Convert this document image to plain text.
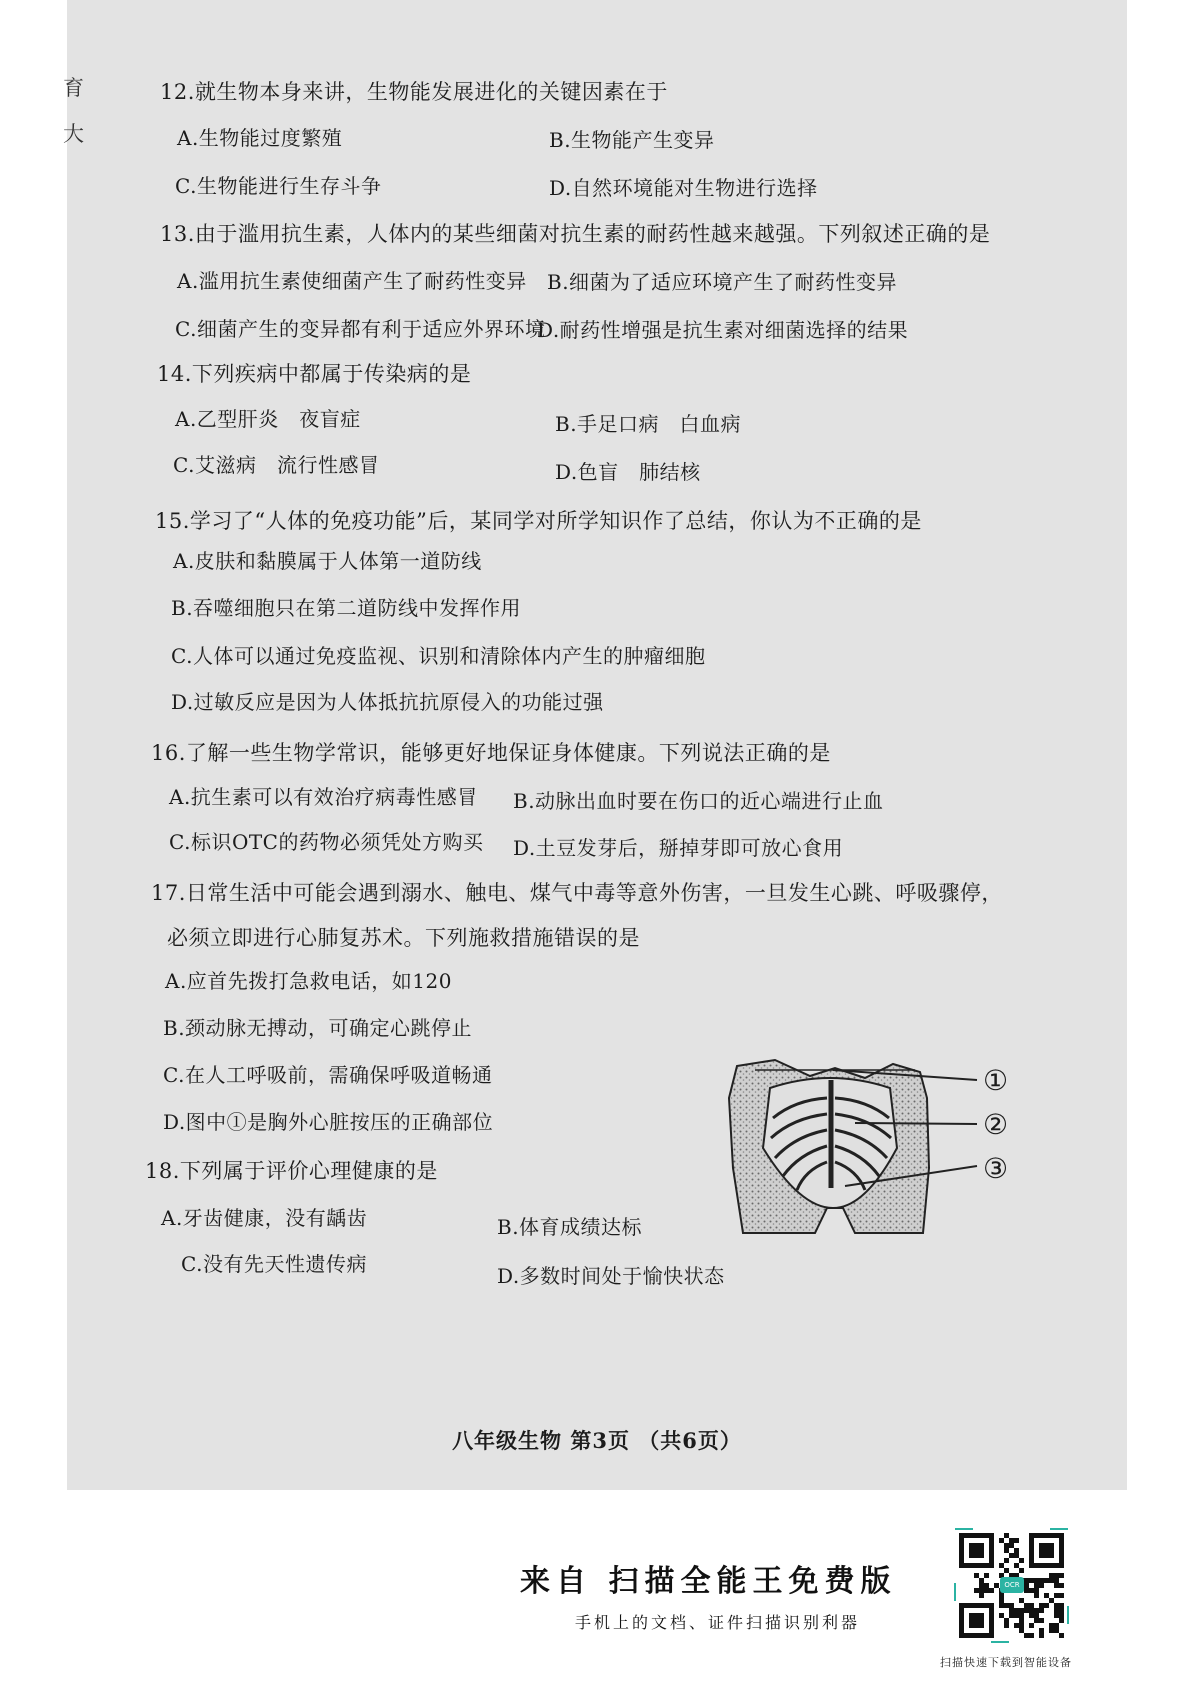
育
大
12.就生物本身来讲，生物能发展进化的关键因素在于
A.生物能过度繁殖	B.生物能产生变异
C.生物能进行生存斗争	D.自然环境能对生物进行选择
13.由于滥用抗生素，人体内的某些细菌对抗生素的耐药性越来越强。下列叙述正确的是
A.滥用抗生素使细菌产生了耐药性变异 B.细菌为了适应环境产生了耐药性变异
C.细菌产生的变异都有利于适应外界环境
D.耐药性增强是抗生素对细菌选择的结果
14.下列疾病中都属于传染病的是
A.乙型肝炎　夜盲症	B.手足口病　白血病
C.艾滋病　流行性感冒	D.色盲　肺结核
15.学习了“人体的免疫功能”后，某同学对所学知识作了总结，你认为不正确的是
A.皮肤和黏膜属于人体第一道防线
B.吞噬细胞只在第二道防线中发挥作用
C.人体可以通过免疫监视、识别和清除体内产生的肿瘤细胞
D.过敏反应是因为人体抵抗抗原侵入的功能过强
16.了解一些生物学常识，能够更好地保证身体健康。下列说法正确的是
A.抗生素可以有效治疗病毒性感冒 B.动脉出血时要在伤口的近心端进行止血
C.标识OTC的药物必须凭处方购买 D.土豆发芽后，掰掉芽即可放心食用
17.日常生活中可能会遇到溺水、触电、煤气中毒等意外伤害，一旦发生心跳、呼吸骤停，
必须立即进行心肺复苏术。下列施救措施错误的是
A.应首先拨打急救电话，如120
B.颈动脉无搏动，可确定心跳停止
C.在人工呼吸前，需确保呼吸道畅通
D.图中①是胸外心脏按压的正确部位
①
②
③
18.下列属于评价心理健康的是
A.牙齿健康，没有龋齿	B.体育成绩达标
C.没有先天性遗传病	D.多数时间处于愉快状态
八年级生物 第3页 （共6页）
来自 扫描全能王免费版
手机上的文档、证件扫描识别利器
OCR
扫描快速下载到智能设备
